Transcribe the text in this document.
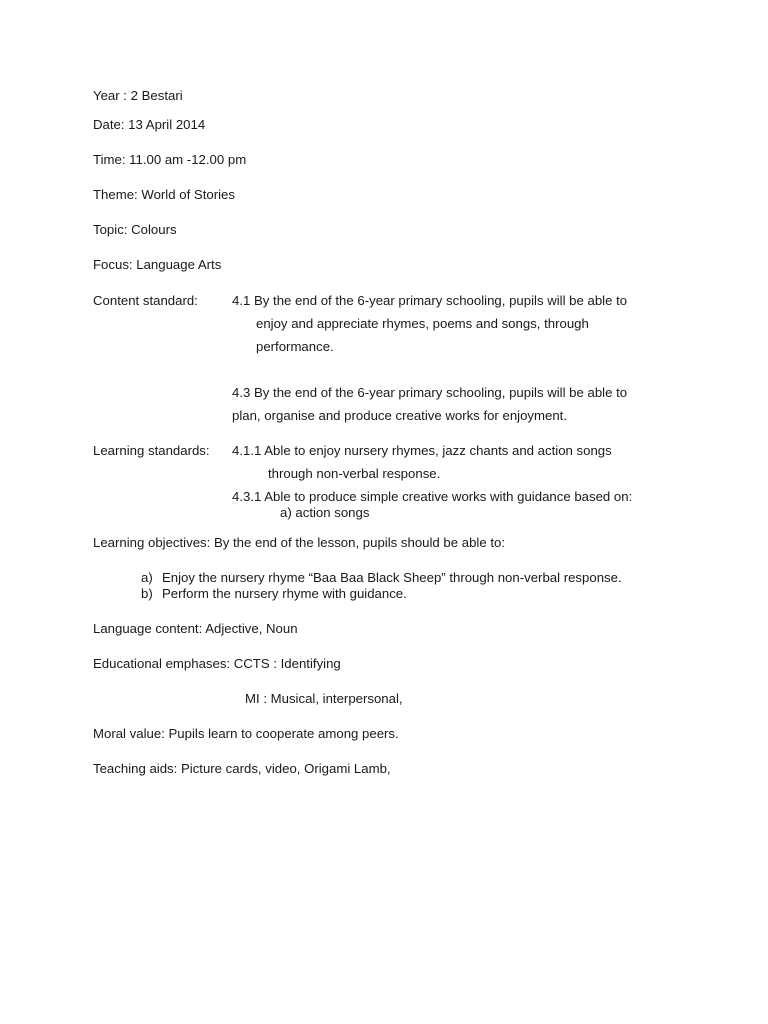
Year : 2 Bestari
Date: 13 April 2014
Time: 11.00 am -12.00 pm
Theme: World of Stories
Topic: Colours
Focus: Language Arts
Content standard:	4.1 By the end of the 6-year primary schooling, pupils will be able to
enjoy and appreciate rhymes, poems and songs, through
performance.
4.3 By the end of the 6-year primary schooling, pupils will be able to
plan, organise and produce creative works for enjoyment.
Learning standards: 4.1.1 Able to enjoy nursery rhymes, jazz chants and action songs
through non-verbal response.
4.3.1 Able to produce simple creative works with guidance based on:
a) action songs
Learning objectives: By the end of the lesson, pupils should be able to:
a) Enjoy the nursery rhyme “Baa Baa Black Sheep” through non-verbal response.
b) Perform the nursery rhyme with guidance.
Language content: Adjective, Noun
Educational emphases: CCTS : Identifying
MI : Musical, interpersonal,
Moral value: Pupils learn to cooperate among peers.
Teaching aids: Picture cards, video, Origami Lamb,
